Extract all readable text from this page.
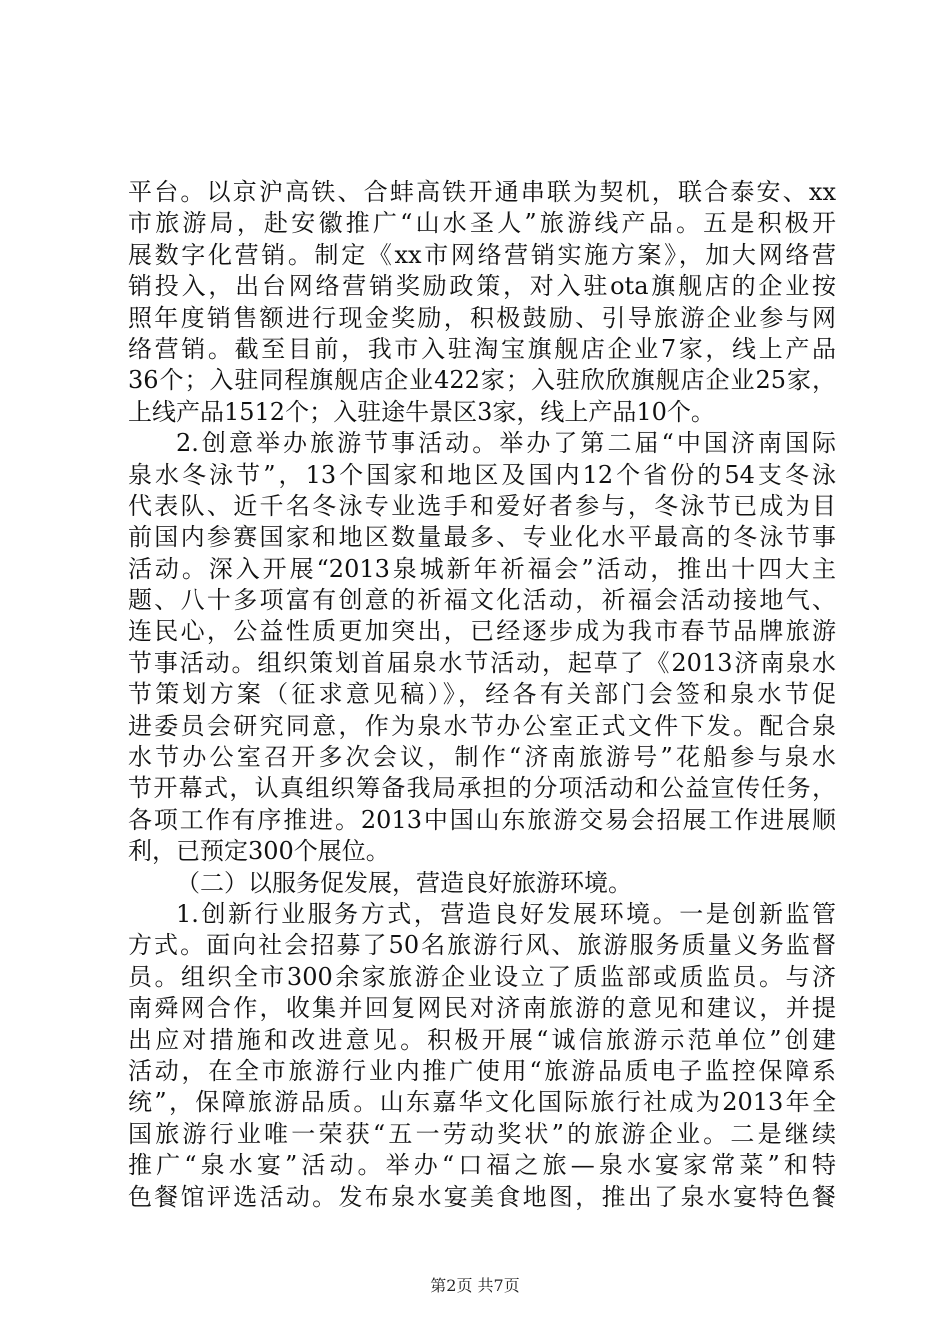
平台。以京沪高铁、合蚌高铁开通串联为契机，联合泰安、xx
市旅游局，赴安徽推广“山水圣人”旅游线产品。五是积极开
展数字化营销。制定《xx市网络营销实施方案》，加大网络营
销投入，出台网络营销奖励政策，对入驻ota旗舰店的企业按
照年度销售额进行现金奖励，积极鼓励、引导旅游企业参与网
络营销。截至目前，我市入驻淘宝旗舰店企业7家，线上产品
36个；入驻同程旗舰店企业422家；入驻欣欣旗舰店企业25家，
上线产品1512个；入驻途牛景区3家，线上产品10个。
2.创意举办旅游节事活动。举办了第二届“中国济南国际
泉水冬泳节”，13个国家和地区及国内12个省份的54支冬泳
代表队、近千名冬泳专业选手和爱好者参与，冬泳节已成为目
前国内参赛国家和地区数量最多、专业化水平最高的冬泳节事
活动。深入开展“2013泉城新年祈福会”活动，推出十四大主
题、八十多项富有创意的祈福文化活动，祈福会活动接地气、
连民心，公益性质更加突出，已经逐步成为我市春节品牌旅游
节事活动。组织策划首届泉水节活动，起草了《2013济南泉水
节策划方案（征求意见稿）》，经各有关部门会签和泉水节促
进委员会研究同意，作为泉水节办公室正式文件下发。配合泉
水节办公室召开多次会议，制作“济南旅游号”花船参与泉水
节开幕式，认真组织筹备我局承担的分项活动和公益宣传任务，
各项工作有序推进。2013中国山东旅游交易会招展工作进展顺
利，已预定300个展位。
（二）以服务促发展，营造良好旅游环境。
1.创新行业服务方式，营造良好发展环境。一是创新监管
方式。面向社会招募了50名旅游行风、旅游服务质量义务监督
员。组织全市300余家旅游企业设立了质监部或质监员。与济
南舜网合作，收集并回复网民对济南旅游的意见和建议，并提
出应对措施和改进意见。积极开展“诚信旅游示范单位”创建
活动，在全市旅游行业内推广使用“旅游品质电子监控保障系
统”，保障旅游品质。山东嘉华文化国际旅行社成为2013年全
国旅游行业唯一荣获“五一劳动奖状”的旅游企业。二是继续
推广“泉水宴”活动。举办“口福之旅—泉水宴家常菜”和特
色餐馆评选活动。发布泉水宴美食地图，推出了泉水宴特色餐
第2页 共7页
